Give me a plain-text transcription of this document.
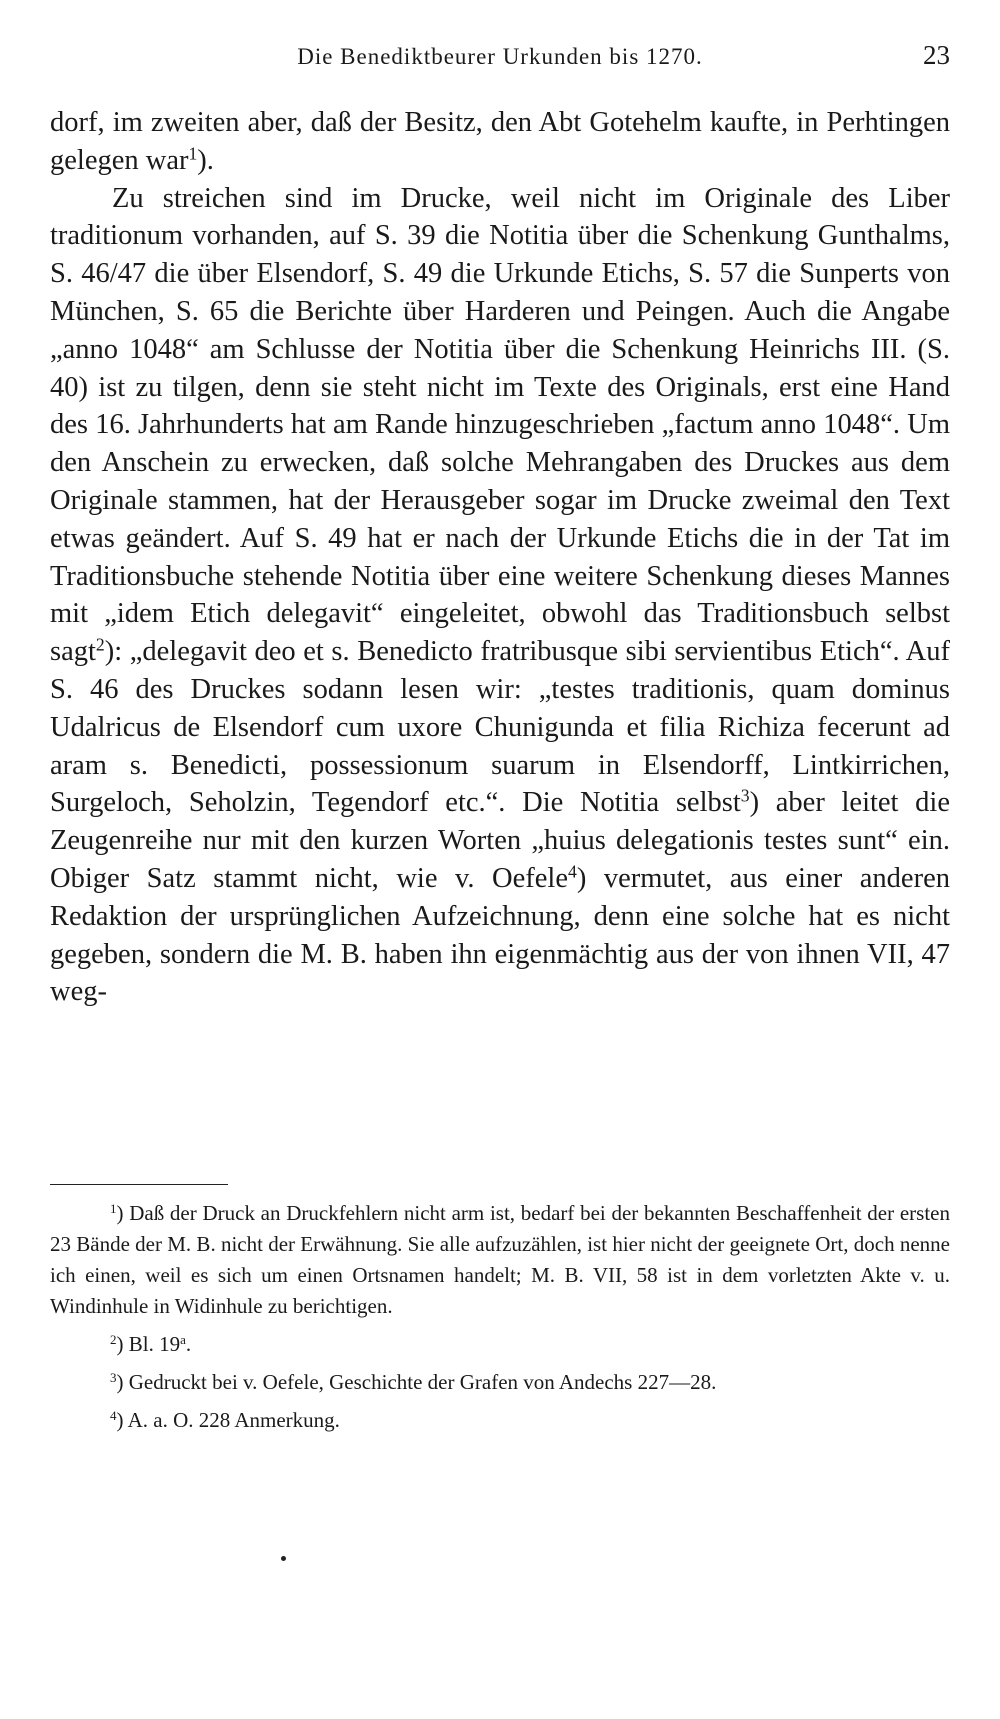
Die Benediktbeurer Urkunden bis 1270.	23

dorf, im zweiten aber, daß der Besitz, den Abt Gotehelm kaufte, in Perhtingen gelegen war$^1$).

Zu streichen sind im Drucke, weil nicht im Originale des Liber traditionum vorhanden, auf S. 39 die Notitia über die Schenkung Gunthalms, S. 46/47 die über Elsendorf, S. 49 die Urkunde Etichs, S. 57 die Sunperts von München, S. 65 die Berichte über Harderen und Peingen. Auch die Angabe „anno 1048“ am Schlusse der Notitia über die Schenkung Heinrichs III. (S. 40) ist zu tilgen, denn sie steht nicht im Texte des Originals, erst eine Hand des 16. Jahrhunderts hat am Rande hinzugeschrieben „factum anno 1048“. Um den Anschein zu erwecken, daß solche Mehrangaben des Druckes aus dem Originale stammen, hat der Herausgeber sogar im Drucke zweimal den Text etwas geändert. Auf S. 49 hat er nach der Urkunde Etichs die in der Tat im Traditionsbuche stehende Notitia über eine weitere Schenkung dieses Mannes mit „idem Etich delegavit“ eingeleitet, obwohl das Traditionsbuch selbst sagt$^2$): „delegavit deo et s. Benedicto fratribusque sibi servientibus Etich“. Auf S. 46 des Druckes sodann lesen wir: „testes traditionis, quam dominus Udalricus de Elsendorf cum uxore Chunigunda et filia Richiza fecerunt ad aram s. Benedicti, possessionum suarum in Elsendorff, Lintkirrichen, Surgeloch, Seholzin, Tegendorf etc.“. Die Notitia selbst$^3$) aber leitet die Zeugenreihe nur mit den kurzen Worten „huius delegationis testes sunt“ ein. Obiger Satz stammt nicht, wie v. Oefele$^4$) vermutet, aus einer anderen Redaktion der ursprünglichen Aufzeichnung, denn eine solche hat es nicht gegeben, sondern die M. B. haben ihn eigenmächtig aus der von ihnen VII, 47 weg-

$^1$) Daß der Druck an Druckfehlern nicht arm ist, bedarf bei der bekannten Beschaffenheit der ersten 23 Bände der M. B. nicht der Erwähnung. Sie alle aufzuzählen, ist hier nicht der geeignete Ort, doch nenne ich einen, weil es sich um einen Ortsnamen handelt; M. B. VII, 58 ist in dem vorletzten Akte v. u. Windinhule in Widinhule zu berichtigen.

$^2$) Bl. 19$^a$.

$^3$) Gedruckt bei v. Oefele, Geschichte der Grafen von Andechs 227—28.

$^4$) A. a. O. 228 Anmerkung.
